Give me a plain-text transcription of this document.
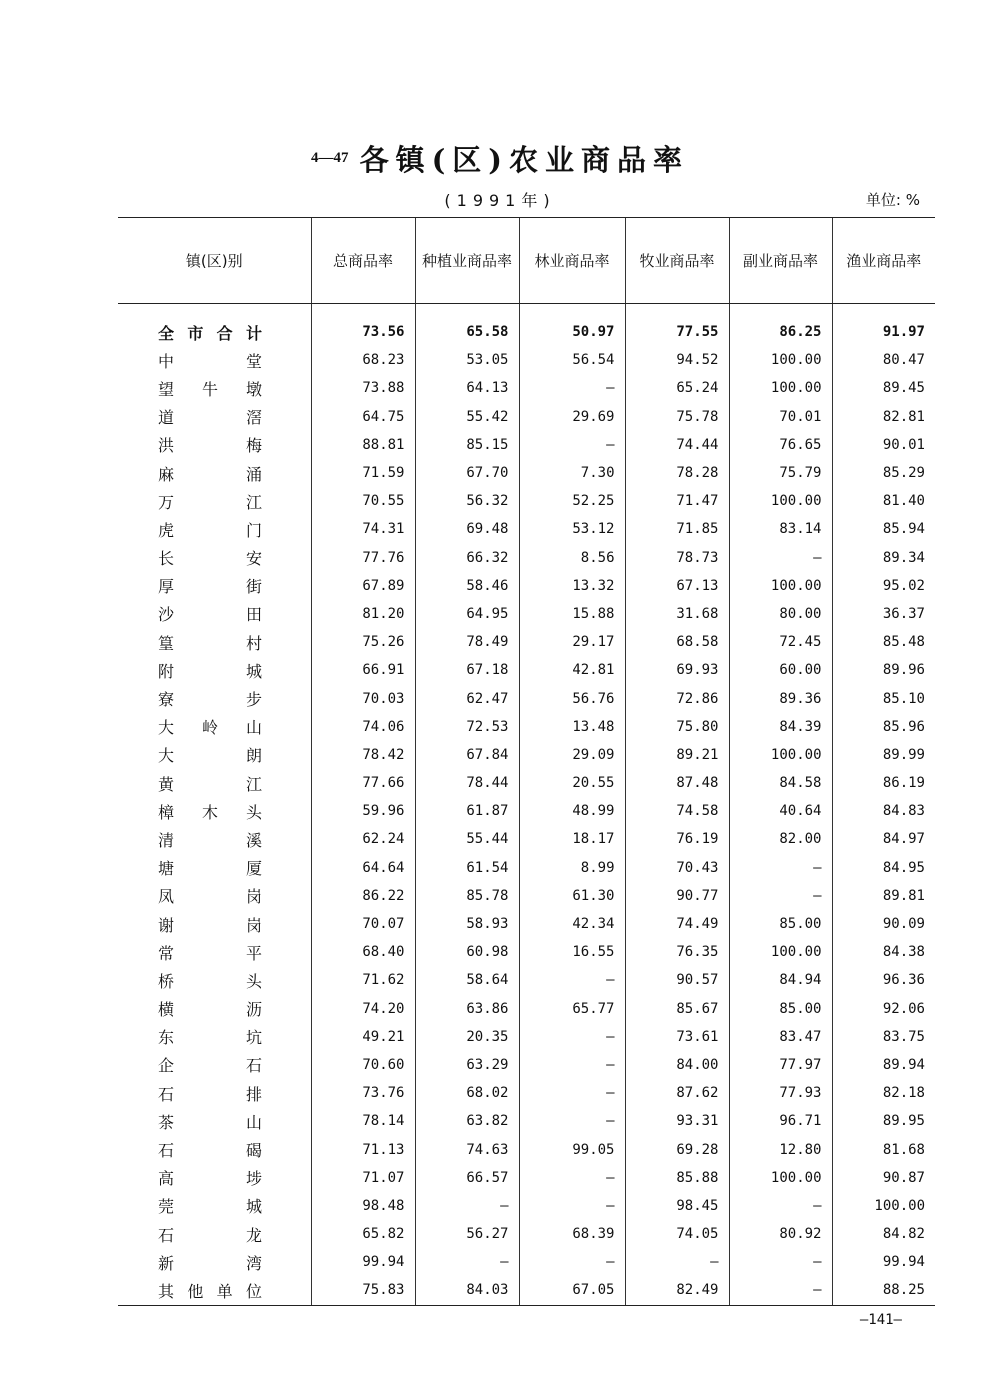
4—47 各镇(区)农业商品率
(1991年)	单位: %
镇(区)别	总商品率	种植业商品率	林业商品率	牧业商品率	副业商品率	渔业商品率

全 市 合 计	73.56	65.58	50.97	77.55	86.25	91.97

中 堂	68.23	53.05	56.54	94.52	100.00	80.47

望 牛 墩	73.88	64.13	—	65.24	100.00	89.45

道 滘	64.75	55.42	29.69	75.78	70.01	82.81

洪 梅	88.81	85.15	—	74.44	76.65	90.01

麻 涌	71.59	67.70	7.30	78.28	75.79	85.29

万 江	70.55	56.32	52.25	71.47	100.00	81.40

虎 门	74.31	69.48	53.12	71.85	83.14	85.94

长 安	77.76	66.32	8.56	78.73	—	89.34

厚 街	67.89	58.46	13.32	67.13	100.00	95.02

沙 田	81.20	64.95	15.88	31.68	80.00	36.37

篁 村	75.26	78.49	29.17	68.58	72.45	85.48

附 城	66.91	67.18	42.81	69.93	60.00	89.96

寮 步	70.03	62.47	56.76	72.86	89.36	85.10

大 岭 山	74.06	72.53	13.48	75.80	84.39	85.96

大 朗	78.42	67.84	29.09	89.21	100.00	89.99

黄 江	77.66	78.44	20.55	87.48	84.58	86.19

樟 木 头	59.96	61.87	48.99	74.58	40.64	84.83

清 溪	62.24	55.44	18.17	76.19	82.00	84.97

塘 厦	64.64	61.54	8.99	70.43	—	84.95

凤 岗	86.22	85.78	61.30	90.77	—	89.81

谢 岗	70.07	58.93	42.34	74.49	85.00	90.09

常 平	68.40	60.98	16.55	76.35	100.00	84.38

桥 头	71.62	58.64	—	90.57	84.94	96.36

横 沥	74.20	63.86	65.77	85.67	85.00	92.06

东 坑	49.21	20.35	—	73.61	83.47	83.75

企 石	70.60	63.29	—	84.00	77.97	89.94

石 排	73.76	68.02	—	87.62	77.93	82.18

茶 山	78.14	63.82	—	93.31	96.71	89.95

石 碣	71.13	74.63	99.05	69.28	12.80	81.68

高 埗	71.07	66.57	—	85.88	100.00	90.87

莞 城	98.48	—	—	98.45	—	100.00

石 龙	65.82	56.27	68.39	74.05	80.92	84.82

新 湾	99.94	—	—	—	—	99.94

其 他 单 位	75.83	84.03	67.05	82.49	—	88.25
—141—
